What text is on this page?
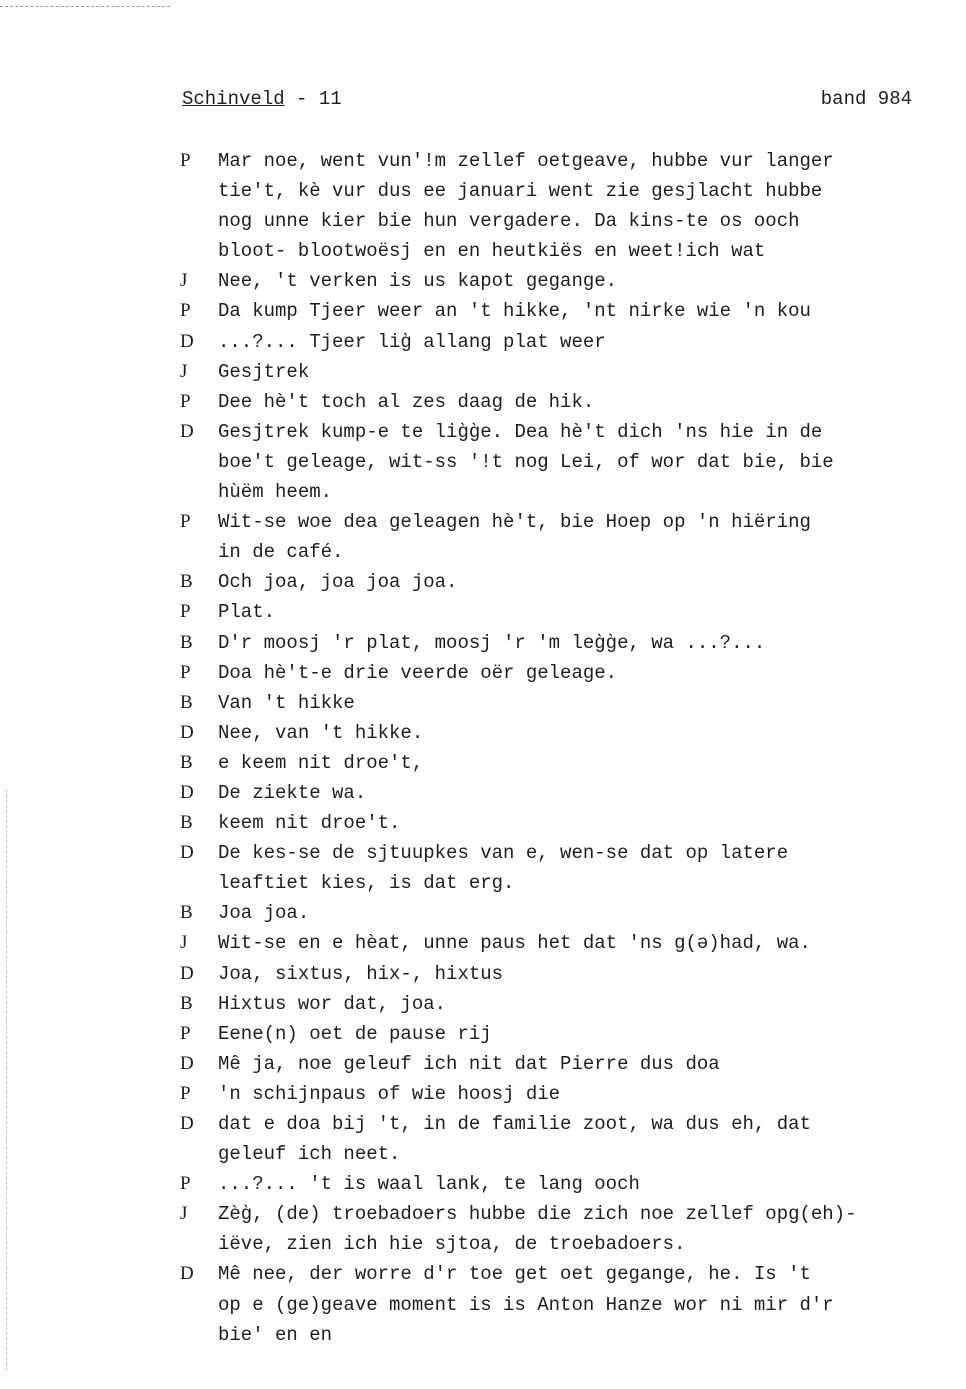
Schinveld - 11	band 984
P	Mar noe, went vun'!m zellef oetgeave, hubbe vur langer
tie't, kè vur dus ee januari went zie gesjlacht hubbe
nog unne kier bie hun vergadere. Da kins-te os ooch
bloot- blootwoësj en en heutkiës en weet!ich wat
J	Nee, 't verken is us kapot gegange.
P	Da kump Tjeer weer an 't hikke, 'nt nirke wie 'n kou
D	...?... Tjeer lig̀ allang plat weer
J	Gesjtrek
P	Dee hè't toch al zes daag de hik.
D	Gesjtrek kump-e te lig̀g̀e. Dea hè't dich 'ns hie in de
boe't geleage, wit-ss '!t nog Lei, of wor dat bie, bie
hùëm heem.
P	Wit-se woe dea geleagen hè't, bie Hoep op 'n hiëring
in de café.
B	Och joa, joa joa joa.
P	Plat.
B	D'r moosj 'r plat, moosj 'r 'm leg̀g̀e, wa ...?...
P	Doa hè't-e drie veerde oër geleage.
B	Van 't hikke
D	Nee, van 't hikke.
B	e keem nit droe't,
D	De ziekte wa.
B	keem nit droe't.
D	De kes-se de sjtuupkes van e, wen-se dat op latere
leaftiet kies, is dat erg.
B	Joa joa.
J	Wit-se en e hèat, unne paus het dat 'ns g(ə)had, wa.
D	Joa, sixtus, hix-, hixtus
B	Hixtus wor dat, joa.
P	Eene(n) oet de pause rij
D	Mê ja, noe geleuf ich nit dat Pierre dus doa
P	'n schijnpaus of wie hoosj die
D	dat e doa bij 't, in de familie zoot, wa dus eh, dat
geleuf ich neet.
P	...?... 't is waal lank, te lang ooch
J	Zèg̀, (de) troebadoers hubbe die zich noe zellef opg(eh)-
iëve, zien ich hie sjtoa, de troebadoers.
D	Mê nee, der worre d'r toe get oet gegange, he. Is 't
op e (ge)geave moment is is Anton Hanze wor ni mir d'r
bie' en en
